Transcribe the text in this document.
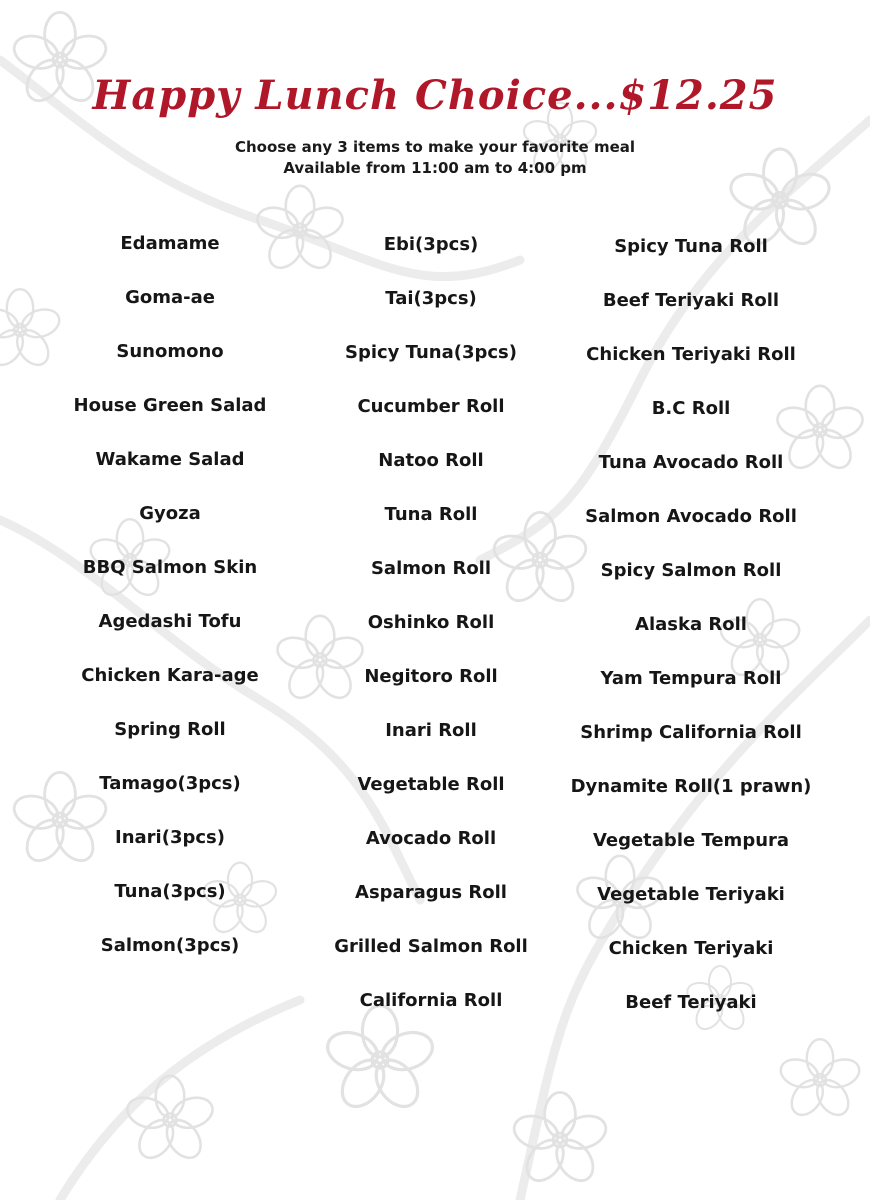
Happy Lunch Choice...$12.25
Choose any 3 items to make your favorite meal
Available from 11:00 am to 4:00 pm
Edamame
Goma-ae
Sunomono
House Green Salad
Wakame Salad
Gyoza
BBQ Salmon Skin
Agedashi Tofu
Chicken Kara-age
Spring Roll
Tamago(3pcs)
Inari(3pcs)
Tuna(3pcs)
Salmon(3pcs)
Ebi(3pcs)
Tai(3pcs)
Spicy Tuna(3pcs)
Cucumber Roll
Natoo Roll
Tuna Roll
Salmon Roll
Oshinko Roll
Negitoro Roll
Inari Roll
Vegetable Roll
Avocado Roll
Asparagus Roll
Grilled Salmon Roll
California Roll
Spicy Tuna Roll
Beef Teriyaki Roll
Chicken Teriyaki Roll
B.C Roll
Tuna Avocado Roll
Salmon Avocado Roll
Spicy Salmon Roll
Alaska Roll
Yam Tempura Roll
Shrimp California Roll
Dynamite Roll(1 prawn)
Vegetable Tempura
Vegetable Teriyaki
Chicken Teriyaki
Beef Teriyaki
